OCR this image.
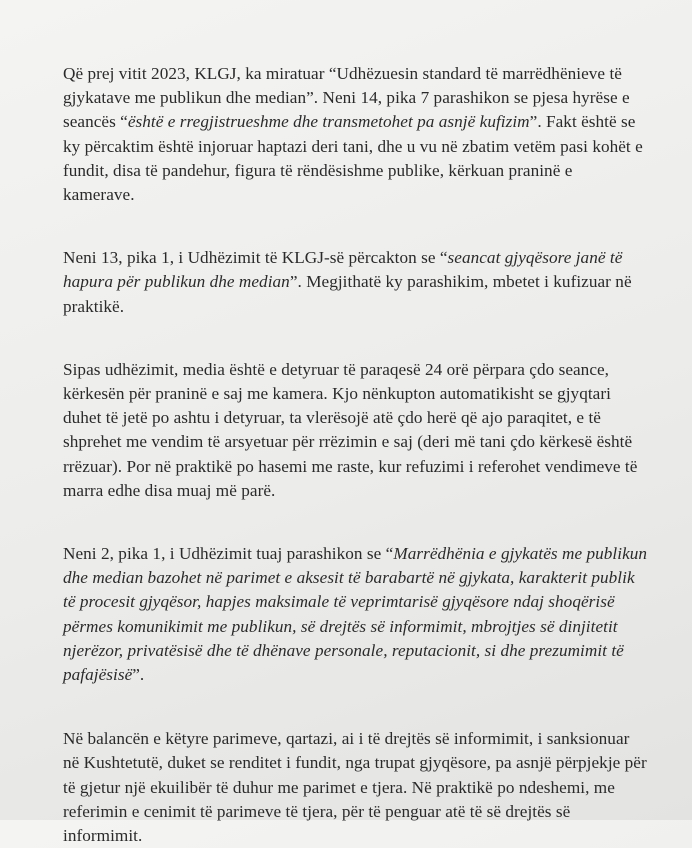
Që prej vitit 2023, KLGJ, ka miratuar “Udhëzuesin standard të marrëdhënieve të gjykatave me publikun dhe median”. Neni 14, pika 7 parashikon se pjesa hyrëse e seancës “është e rregjistrueshme dhe transmetohet pa asnjë kufizim”. Fakt është se ky përcaktim është injoruar haptazi deri tani, dhe u vu në zbatim vetëm pasi kohët e fundit, disa të pandehur, figura të rëndësishme publike, kërkuan praninë e kamerave.

Neni 13, pika 1, i Udhëzimit të KLGJ-së përcakton se “seancat gjyqësore janë të hapura për publikun dhe median”. Megjithatë ky parashikim, mbetet i kufizuar në praktikë.

Sipas udhëzimit, media është e detyruar të paraqesë 24 orë përpara çdo seance, kërkesën për praninë e saj me kamera. Kjo nënkupton automatikisht se gjyqtari duhet të jetë po ashtu i detyruar, ta vlerësojë atë çdo herë që ajo paraqitet, e të shprehet me vendim të arsyetuar për rrëzimin e saj (deri më tani çdo kërkesë është rrëzuar). Por në praktikë po hasemi me raste, kur refuzimi i referohet vendimeve të marra edhe disa muaj më parë.

Neni 2, pika 1, i Udhëzimit tuaj parashikon se “Marrëdhënia e gjykatës me publikun dhe median bazohet në parimet e aksesit të barabartë në gjykata, karakterit publik të procesit gjyqësor, hapjes maksimale të veprimtarisë gjyqësore ndaj shoqërisë përmes komunikimit me publikun, së drejtës së informimit, mbrojtjes së dinjitetit njerëzor, privatësisë dhe të dhënave personale, reputacionit, si dhe prezumimit të pafajësisë”.

Në balancën e këtyre parimeve, qartazi, ai i të drejtës së informimit, i sanksionuar në Kushtetutë, duket se renditet i fundit, nga trupat gjyqësore, pa asnjë përpjekje për të gjetur një ekuilibër të duhur me parimet e tjera. Në praktikë po ndeshemi, me referimin e cenimit të parimeve të tjera, për të penguar atë të së drejtës së informimit.
